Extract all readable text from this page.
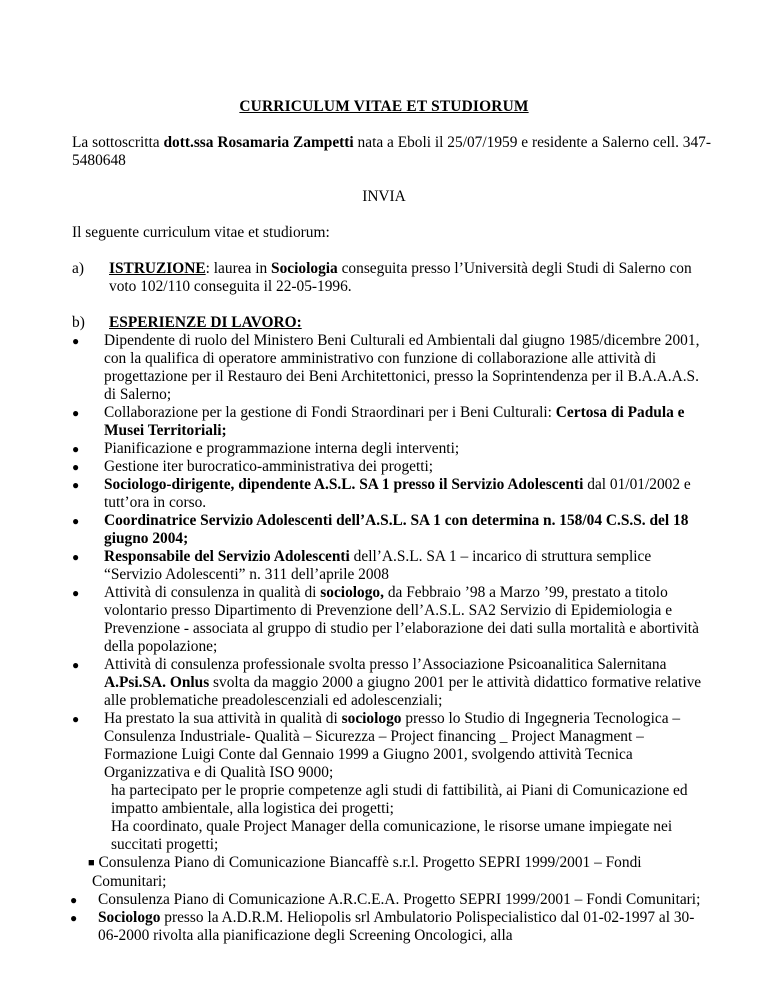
CURRICULUM VITAE ET STUDIORUM
La sottoscritta dott.ssa Rosamaria Zampetti nata a Eboli il 25/07/1959 e residente a Salerno cell. 347-5480648
INVIA
Il seguente curriculum vitae et studiorum:
a)	ISTRUZIONE: laurea in Sociologia conseguita presso l’Università degli Studi di Salerno con voto 102/110 conseguita il 22-05-1996.
b)	ESPERIENZE DI LAVORO:
● Dipendente di ruolo del Ministero Beni Culturali ed Ambientali dal giugno 1985/dicembre 2001, con la qualifica di operatore amministrativo con funzione di collaborazione alle attività di progettazione per il Restauro dei Beni Architettonici, presso la Soprintendenza per il B.A.A.A.S. di Salerno;
● Collaborazione per la gestione di Fondi Straordinari per i Beni Culturali: Certosa di Padula e Musei Territoriali;
● Pianificazione e programmazione interna degli interventi;
● Gestione iter burocratico-amministrativa dei progetti;
● Sociologo-dirigente, dipendente A.S.L. SA 1 presso il Servizio Adolescenti dal 01/01/2002 e tutt’ora in corso.
● Coordinatrice Servizio Adolescenti dell’A.S.L. SA 1 con determina n. 158/04 C.S.S. del 18 giugno 2004;
● Responsabile del Servizio Adolescenti dell’A.S.L. SA 1 – incarico di struttura semplice “Servizio Adolescenti” n. 311 dell’aprile 2008
● Attività di consulenza in qualità di sociologo, da Febbraio ’98 a Marzo ’99, prestato a titolo volontario presso Dipartimento di Prevenzione dell’A.S.L. SA2 Servizio di Epidemiologia e Prevenzione - associata al gruppo di studio per l’elaborazione dei dati sulla mortalità e abortività della popolazione;
● Attività di consulenza professionale svolta presso l’Associazione Psicoanalitica Salernitana A.Psi.SA. Onlus svolta da maggio 2000 a giugno 2001 per le attività didattico formative relative alle problematiche preadolescenziali ed adolescenziali;
● Ha prestato la sua attività in qualità di sociologo presso lo Studio di Ingegneria Tecnologica – Consulenza Industriale- Qualità – Sicurezza – Project financing _ Project Managment – Formazione Luigi Conte dal Gennaio 1999 a Giugno 2001, svolgendo attività Tecnica Organizzativa e di Qualità ISO 9000;
ha partecipato per le proprie competenze agli studi di fattibilità, ai Piani di Comunicazione ed impatto ambientale, alla logistica dei progetti;
Ha coordinato, quale Project Manager della comunicazione, le risorse umane impiegate nei succitati progetti;
■ Consulenza Piano di Comunicazione Biancaffè s.r.l. Progetto SEPRI 1999/2001 – Fondi Comunitari;
● Consulenza Piano di Comunicazione A.R.C.E.A. Progetto SEPRI 1999/2001 – Fondi Comunitari;
● Sociologo presso la A.D.R.M. Heliopolis srl Ambulatorio Polispecialistico dal 01-02-1997 al 30-06-2000 rivolta alla pianificazione degli Screening Oncologici, alla
